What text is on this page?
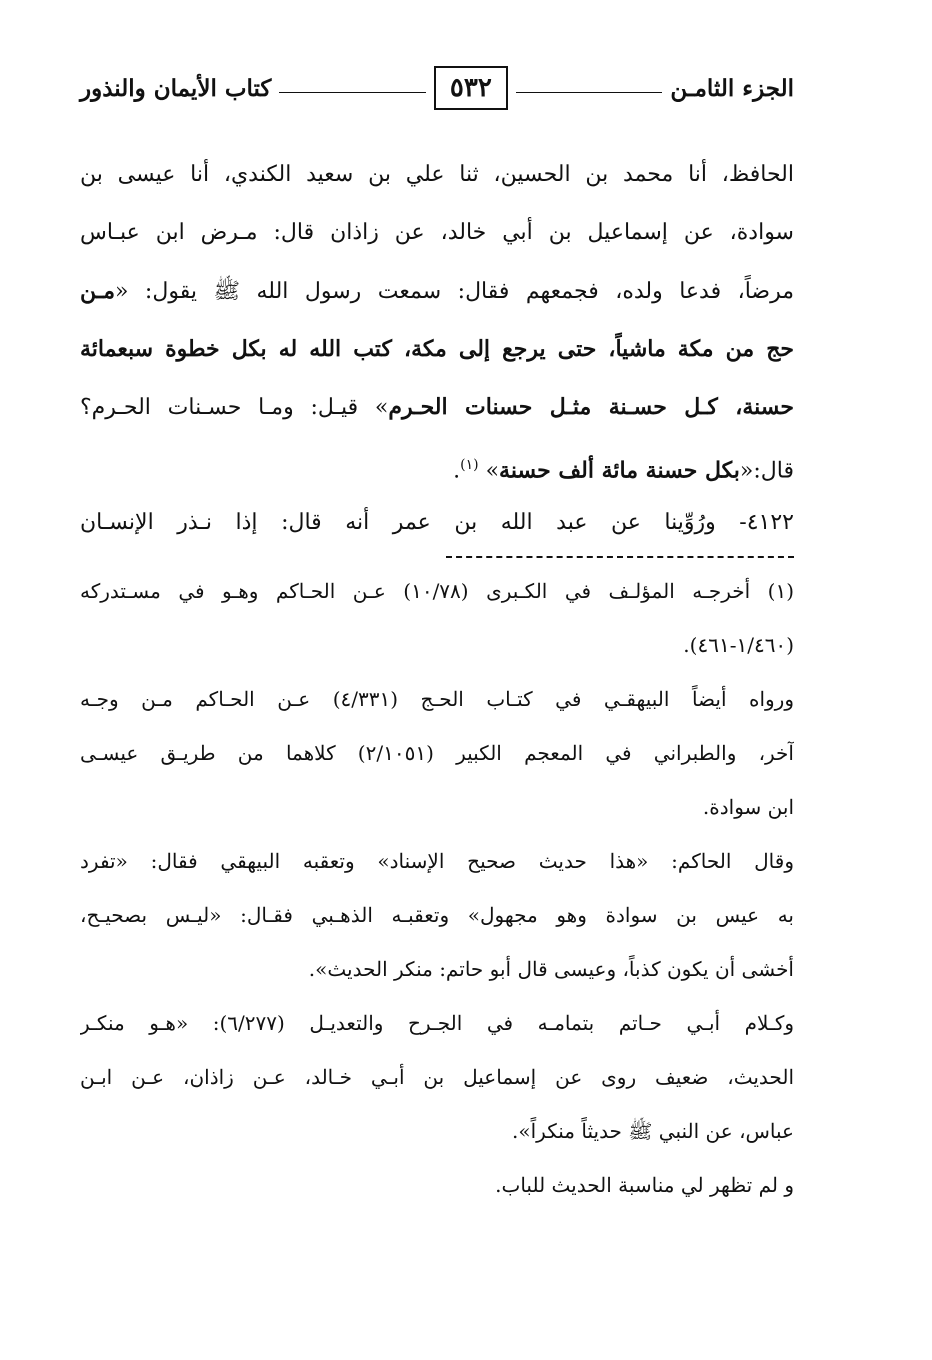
الجزء الثامـن
٥٣٢
كتاب الأيمان والنذور
الحافظ، أنا محمد بن الحسين، ثنا علي بن سعيد الكندي، أنا عيسى بن
سوادة، عن إسماعيل بن أبي خالد، عن زاذان قال: مـرض ابن عبـاس
مرضاً، فدعا ولده، فجمعهم فقال: سمعت رسول الله ﷺ يقول: «مـن
حج من مكة ماشياً، حتى يرجع إلى مكة، كتب الله له بكل خطوة سبعمائة
حسنة، كـل حسـنة مثـل حسنات الحـرم» قيـل: ومـا حسـنات الحـرم؟
قال:«بكل حسنة مائة ألف حسنة» $^{(١)}$.
٤١٢٢- ورُوِّينا عن عبد الله بن عمر أنه قال: إذا نـذر الإنسـان
(١) أخرجـه المؤلـف في الكـبرى (١٠/٧٨) عـن الحـاكم وهـو في مسـتدركه
(١/٤٦٠-٤٦١).
ورواه أيضاً البيهقـي في كتـاب الحـج (٤/٣٣١) عـن الحـاكم مـن وجـه
آخر، والطبراني في المعجم الكبير (٢/١٠٥١) كلاهما من طريـق عيسـى
ابن سوادة.
وقال الحاكم: «هذا حديث صحيح الإسناد» وتعقبه البيهقي فقال: «تفرد
به عيس بن سوادة وهو مجهول» وتعقبـه الذهـبي فقـال: «ليـس بصحيـح،
أخشى أن يكون كذباً، وعيسى قال أبو حاتم: منكر الحديث».
وكـلام أبـي حـاتم بتمامـه في الجـرح والتعديـل (٦/٢٧٧): «هـو منكـر
الحديث، ضعيف روى عن إسماعيل بن أبـي خـالد، عـن زاذان، عـن ابـن
عباس، عن النبي ﷺ حديثاً منكراً».
و لم تظهر لي مناسبة الحديث للباب.
